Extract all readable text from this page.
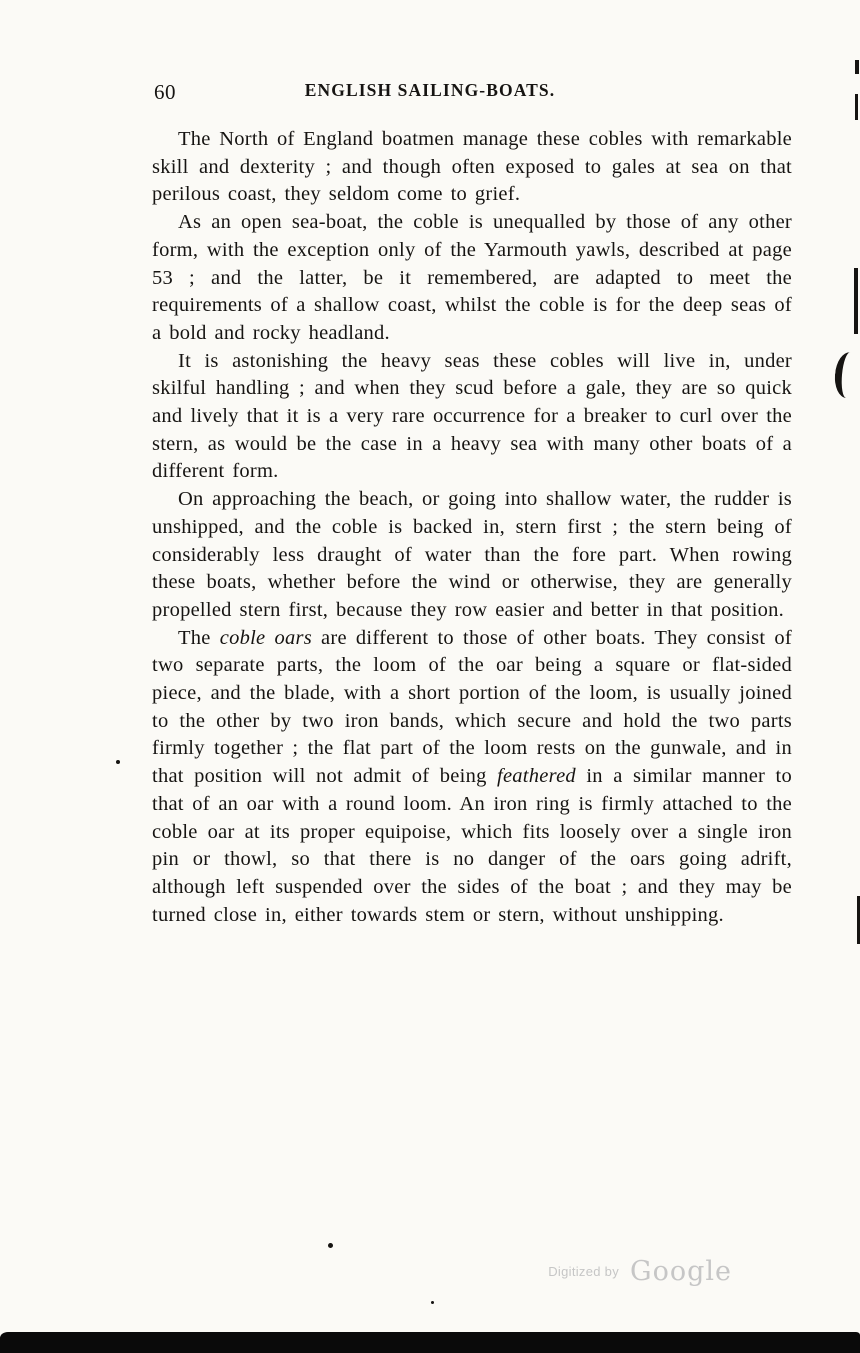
60	ENGLISH SAILING-BOATS.

The North of England boatmen manage these cobles with remarkable skill and dexterity ; and though often exposed to gales at sea on that perilous coast, they seldom come to grief.

As an open sea-boat, the coble is unequalled by those of any other form, with the exception only of the Yarmouth yawls, described at page 53 ; and the latter, be it remembered, are adapted to meet the requirements of a shallow coast, whilst the coble is for the deep seas of a bold and rocky headland.

It is astonishing the heavy seas these cobles will live in, under skilful handling ; and when they scud before a gale, they are so quick and lively that it is a very rare occurrence for a breaker to curl over the stern, as would be the case in a heavy sea with many other boats of a different form.

On approaching the beach, or going into shallow water, the rudder is unshipped, and the coble is backed in, stern first ; the stern being of considerably less draught of water than the fore part. When rowing these boats, whether before the wind or otherwise, they are generally propelled stern first, because they row easier and better in that position.

The coble oars are different to those of other boats. They consist of two separate parts, the loom of the oar being a square or flat-sided piece, and the blade, with a short portion of the loom, is usually joined to the other by two iron bands, which secure and hold the two parts firmly together ; the flat part of the loom rests on the gunwale, and in that position will not admit of being feathered in a similar manner to that of an oar with a round loom. An iron ring is firmly attached to the coble oar at its proper equipoise, which fits loosely over a single iron pin or thowl, so that there is no danger of the oars going adrift, although left suspended over the sides of the boat ; and they may be turned close in, either towards stem or stern, without unshipping.

$^{Digitized by}$ Google
